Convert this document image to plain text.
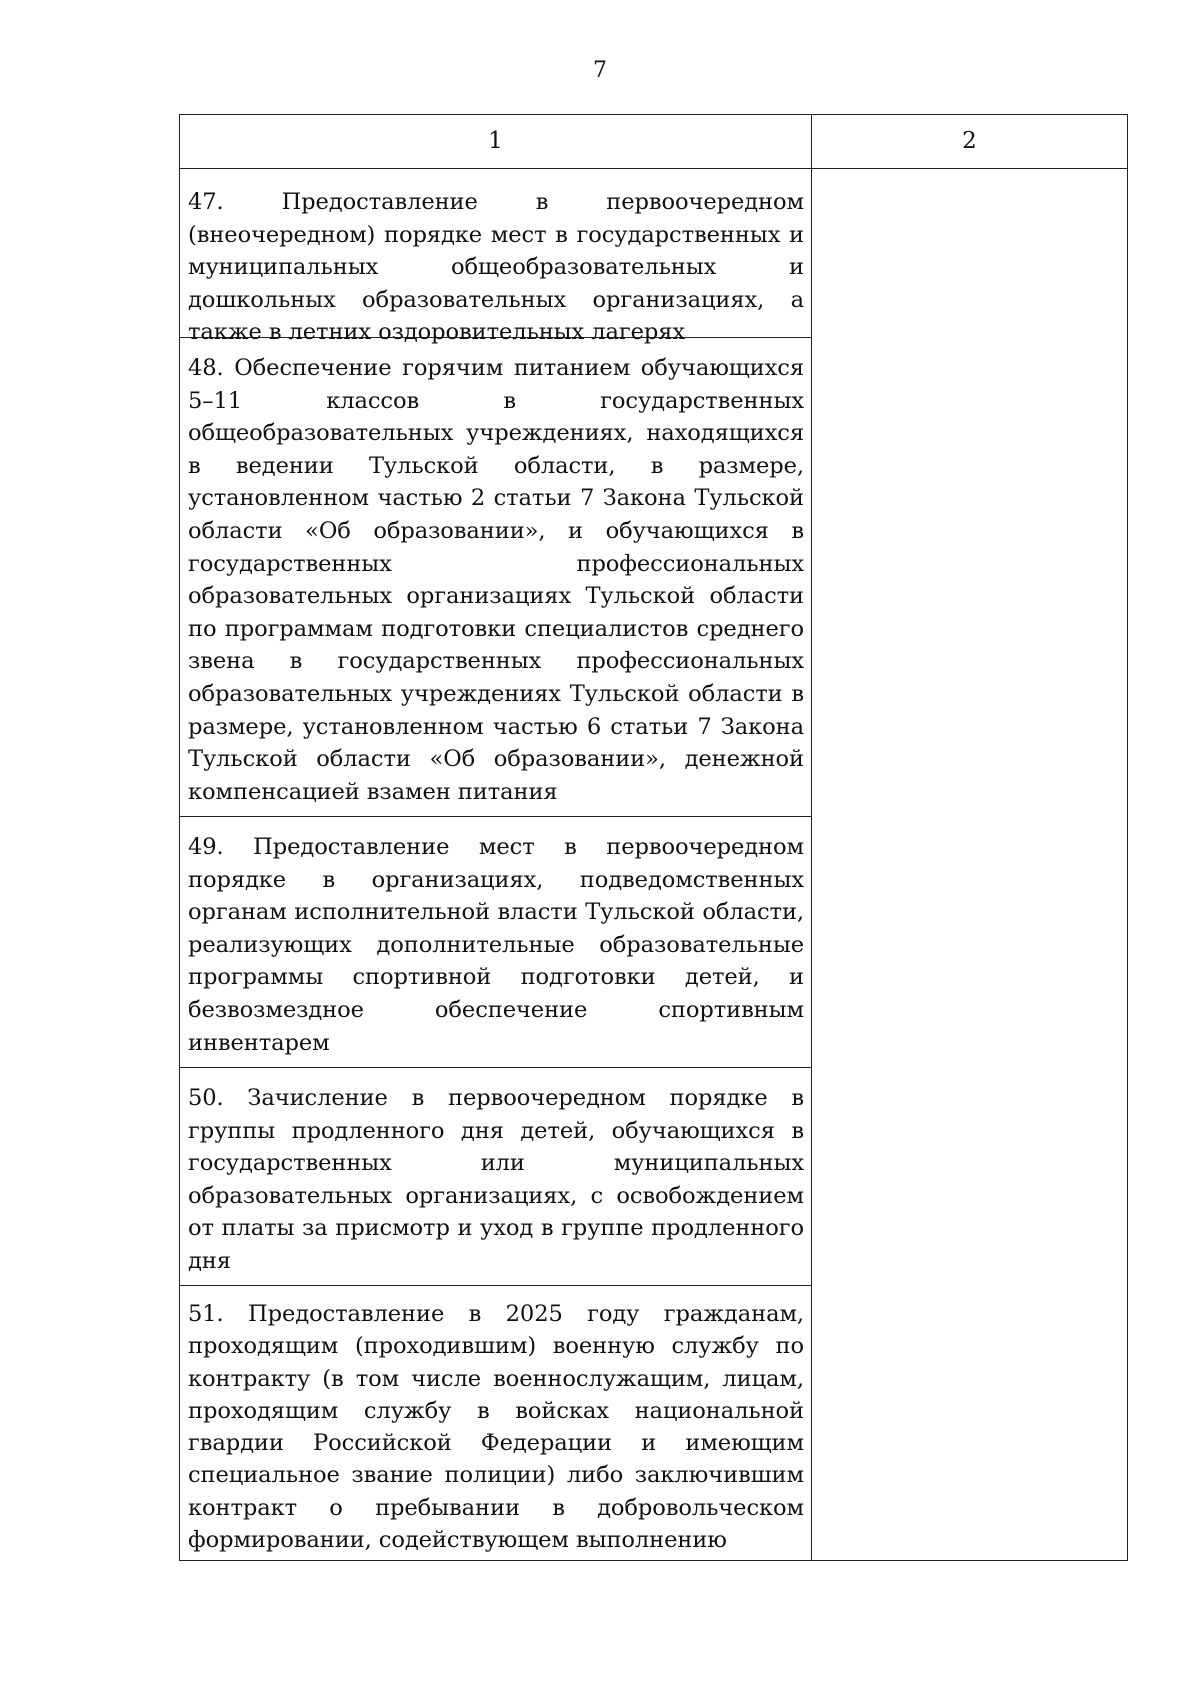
7
1	2

47. Предоставление в первоочередном (внеочередном) порядке мест в государственных и муниципальных общеобразовательных и дошкольных образовательных организациях, а также в летних оздоровительных лагерях	

48. Обеспечение горячим питанием обучающихся 5–11 классов в государственных общеобразовательных учреждениях, находящихся в ведении Тульской области, в размере, установленном частью 2 статьи 7 Закона Тульской области «Об образовании», и обучающихся в государственных профессиональных образовательных организациях Тульской области по программам подготовки специалистов среднего звена в государственных профессиональных образовательных учреждениях Тульской области в размере, установленном частью 6 статьи 7 Закона Тульской области «Об образовании», денежной компенсацией взамен питания	

49. Предоставление мест в первоочередном порядке в организациях, подведомственных органам исполнительной власти Тульской области, реализующих дополнительные образовательные программы спортивной подготовки детей, и безвозмездное обеспечение спортивным инвентарем	

50. Зачисление в первоочередном порядке в группы продленного дня детей, обучающихся в государственных или муниципальных образовательных организациях, с освобождением от платы за присмотр и уход в группе продленного дня	

51. Предоставление в 2025 году гражданам, проходящим (проходившим) военную службу по контракту (в том числе военнослужащим, лицам, проходящим службу в войсках национальной гвардии Российской Федерации и имеющим специальное звание полиции) либо заключившим контракт о пребывании в добровольческом формировании, содействующем выполнению	
